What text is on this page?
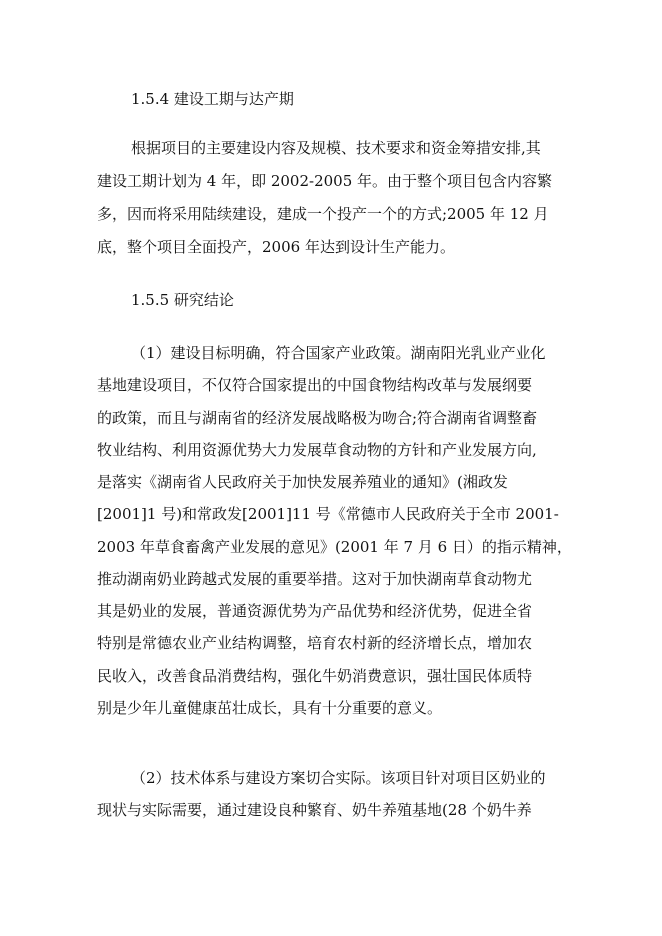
1.5.4 建设工期与达产期
根据项目的主要建设内容及规模、技术要求和资金筹措安排,其
建设工期计划为 4 年，即 2002-2005 年。由于整个项目包含内容繁
多，因而将采用陆续建设，建成一个投产一个的方式;2005 年 12 月
底，整个项目全面投产，2006 年达到设计生产能力。
1.5.5 研究结论
（1）建设目标明确，符合国家产业政策。湖南阳光乳业产业化
基地建设项目，不仅符合国家提出的中国食物结构改革与发展纲要
的政策，而且与湖南省的经济发展战略极为吻合;符合湖南省调整畜
牧业结构、利用资源优势大力发展草食动物的方针和产业发展方向,
是落实《湖南省人民政府关于加快发展养殖业的通知》(湘政发
[2001]1 号)和常政发[2001]11 号《常德市人民政府关于全市 2001-
2003 年草食畜禽产业发展的意见》(2001 年 7 月 6 日）的指示精神，
推动湖南奶业跨越式发展的重要举措。这对于加快湖南草食动物尤
其是奶业的发展，普通资源优势为产品优势和经济优势，促进全省
特别是常德农业产业结构调整，培育农村新的经济增长点，增加农
民收入，改善食品消费结构，强化牛奶消费意识，强壮国民体质特
别是少年儿童健康茁壮成长，具有十分重要的意义。
（2）技术体系与建设方案切合实际。该项目针对项目区奶业的
现状与实际需要，通过建设良种繁育、奶牛养殖基地(28 个奶牛养
